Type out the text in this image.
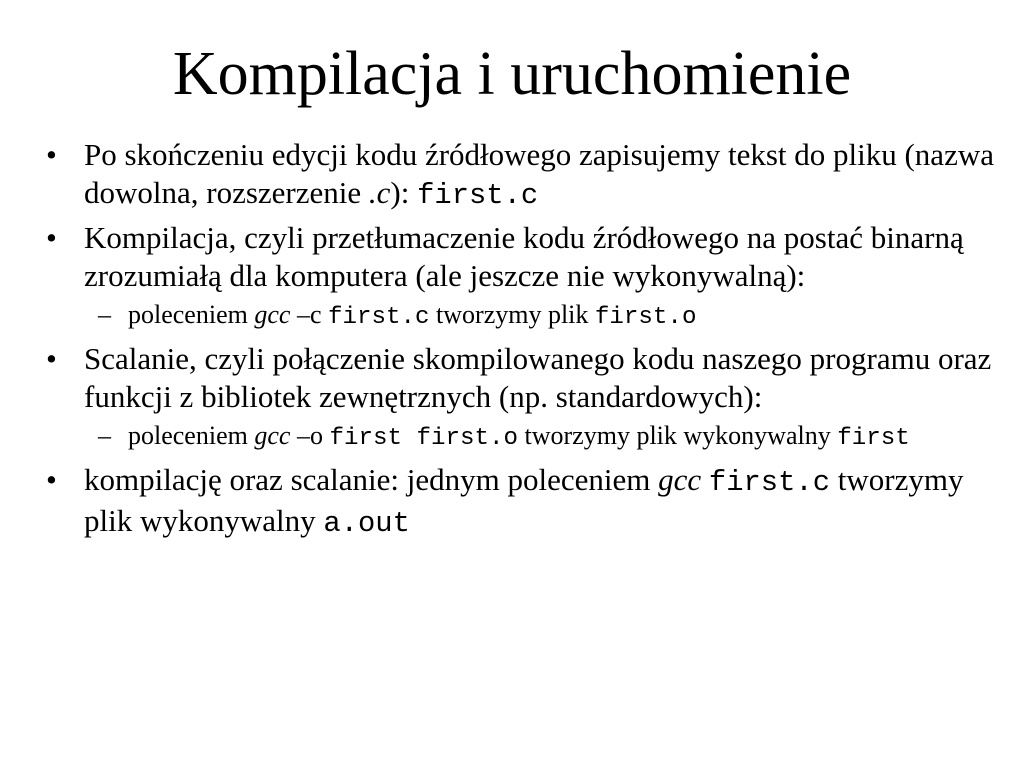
Kompilacja i uruchomienie
• Po skończeniu edycji kodu źródłowego zapisujemy tekst do pliku (nazwa dowolna, rozszerzenie .c): first.c
• Kompilacja, czyli przetłumaczenie kodu źródłowego na postać binarną zrozumiałą dla komputera (ale jeszcze nie wykonywalną):
– poleceniem gcc –c first.c tworzymy plik first.o
• Scalanie, czyli połączenie skompilowanego kodu naszego programu oraz funkcji z bibliotek zewnętrznych (np. standardowych):
– poleceniem gcc –o first first.o tworzymy plik wykonywalny first
• kompilację oraz scalanie: jednym poleceniem gcc first.c tworzymy plik wykonywalny a.out
